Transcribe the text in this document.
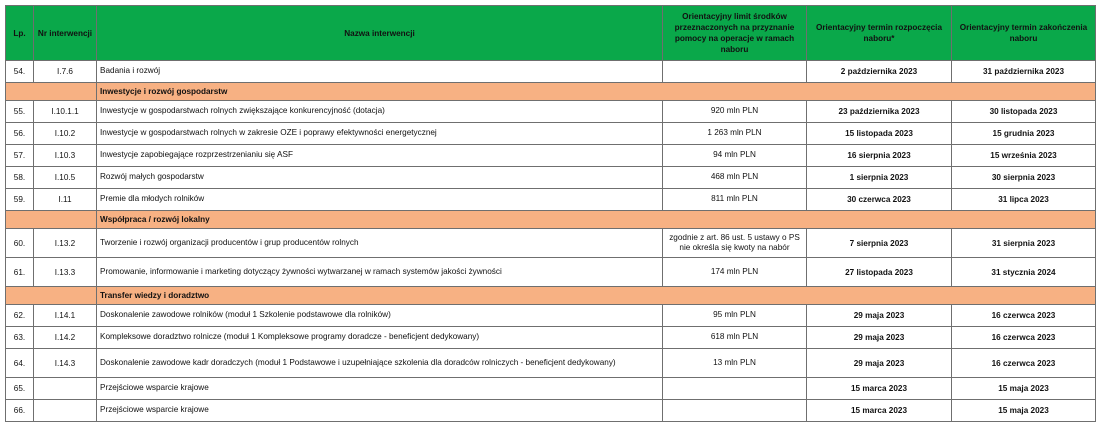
Lp.	Nr interwencji	Nazwa interwencji	Orientacyjny limit środków przeznaczonych na przyznanie pomocy na operacje w ramach naboru	Orientacyjny termin rozpoczęcia naboru*	Orientacyjny termin zakończenia naboru
54.	I.7.6	Badania i rozwój		2 października 2023	31 października 2023
		Inwestycje i rozwój gospodarstw			
55.	I.10.1.1	Inwestycje w gospodarstwach rolnych zwiększające konkurencyjność (dotacja)	920 mln PLN	23 października 2023	30 listopada 2023
56.	I.10.2	Inwestycje w gospodarstwach rolnych w zakresie OZE i poprawy efektywności energetycznej	1 263 mln PLN	15 listopada 2023	15 grudnia 2023
57.	I.10.3	Inwestycje zapobiegające rozprzestrzenianiu się ASF	94 mln PLN	16 sierpnia 2023	15 września 2023
58.	I.10.5	Rozwój małych gospodarstw	468 mln PLN	1 sierpnia 2023	30 sierpnia 2023
59.	I.11	Premie dla młodych rolników	811 mln PLN	30 czerwca 2023	31 lipca 2023
		Współpraca / rozwój lokalny			
60.	I.13.2	Tworzenie i rozwój organizacji producentów i grup producentów rolnych	zgodnie z art. 86 ust. 5 ustawy o PS nie określa się kwoty na nabór	7 sierpnia 2023	31 sierpnia 2023
61.	I.13.3	Promowanie, informowanie i marketing dotyczący żywności wytwarzanej w ramach systemów jakości żywności	174 mln PLN	27 listopada 2023	31 stycznia 2024
		Transfer wiedzy i doradztwo			
62.	I.14.1	Doskonalenie zawodowe rolników (moduł 1 Szkolenie podstawowe dla rolników)	95 mln PLN	29 maja 2023	16 czerwca 2023
63.	I.14.2	Kompleksowe doradztwo rolnicze (moduł 1 Kompleksowe programy doradcze - beneficjent dedykowany)	618 mln PLN	29 maja 2023	16 czerwca 2023
64.	I.14.3	Doskonalenie zawodowe kadr doradczych (moduł 1 Podstawowe i uzupełniające szkolenia dla doradców rolniczych - beneficjent dedykowany)	13 mln PLN	29 maja 2023	16 czerwca 2023
65.		Przejściowe wsparcie krajowe		15 marca 2023	15 maja 2023
66.		Przejściowe wsparcie krajowe		15 marca 2023	15 maja 2023
